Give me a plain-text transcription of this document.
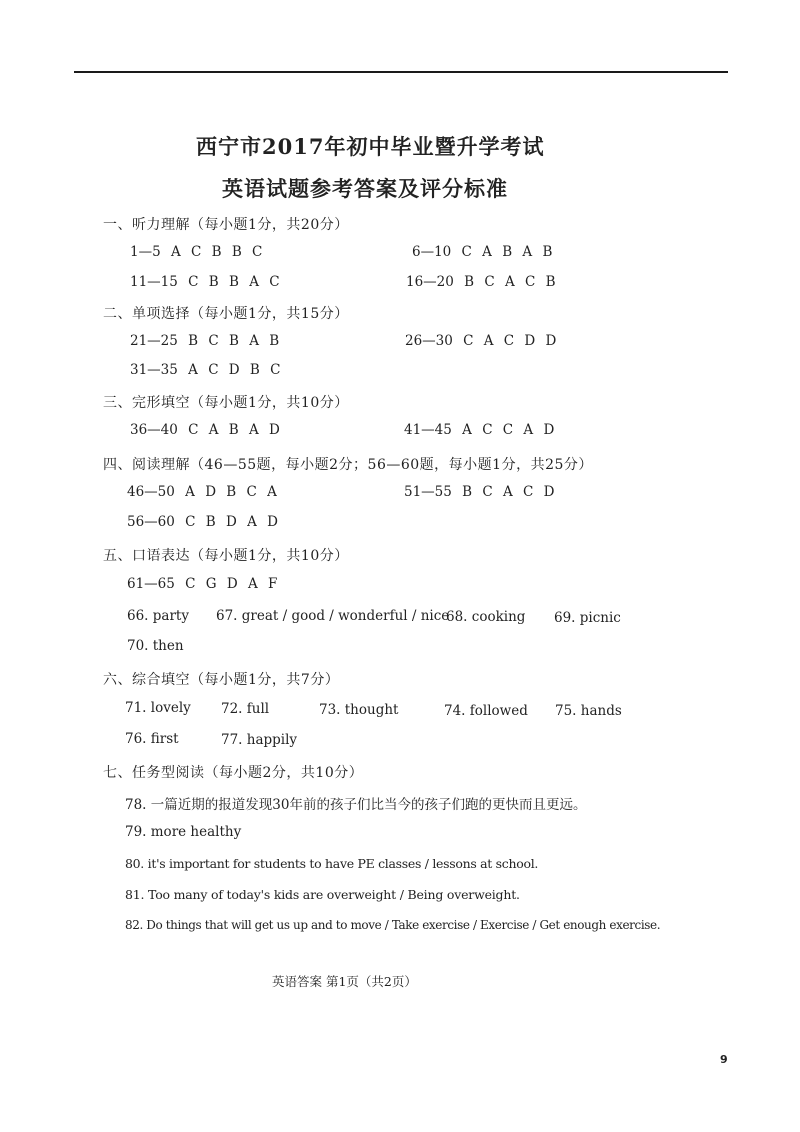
西宁市2017年初中毕业暨升学考试
英语试题参考答案及评分标准
一、听力理解（每小题1分，共20分）
1—5 A C B B C	6—10 C A B A B
11—15 C B B A C	16—20 B C A C B
二、单项选择（每小题1分，共15分）
21—25 B C B A B	26—30 C A C D D
31—35 A C D B C
三、完形填空（每小题1分，共10分）
36—40 C A B A D	41—45 A C C A D
四、阅读理解（46—55题，每小题2分；56—60题，每小题1分，共25分）
46—50 A D B C A	51—55 B C A C D
56—60 C B D A D
五、口语表达（每小题1分，共10分）
61—65 C G D A F
66. party 67. great / good / wonderful / nice
68. cooking 69. picnic
70. then
六、综合填空（每小题1分，共7分）
71. lovely 72. full	73. thought	74. followed 75. hands
76. first	77. happily
七、任务型阅读（每小题2分，共10分）
78. 一篇近期的报道发现30年前的孩子们比当今的孩子们跑的更快而且更远。
79. more healthy
80. it's important for students to have PE classes / lessons at school.
81. Too many of today's kids are overweight / Being overweight.
82. Do things that will get us up and to move / Take exercise / Exercise / Get enough exercise.
英语答案 第1页（共2页）
9
